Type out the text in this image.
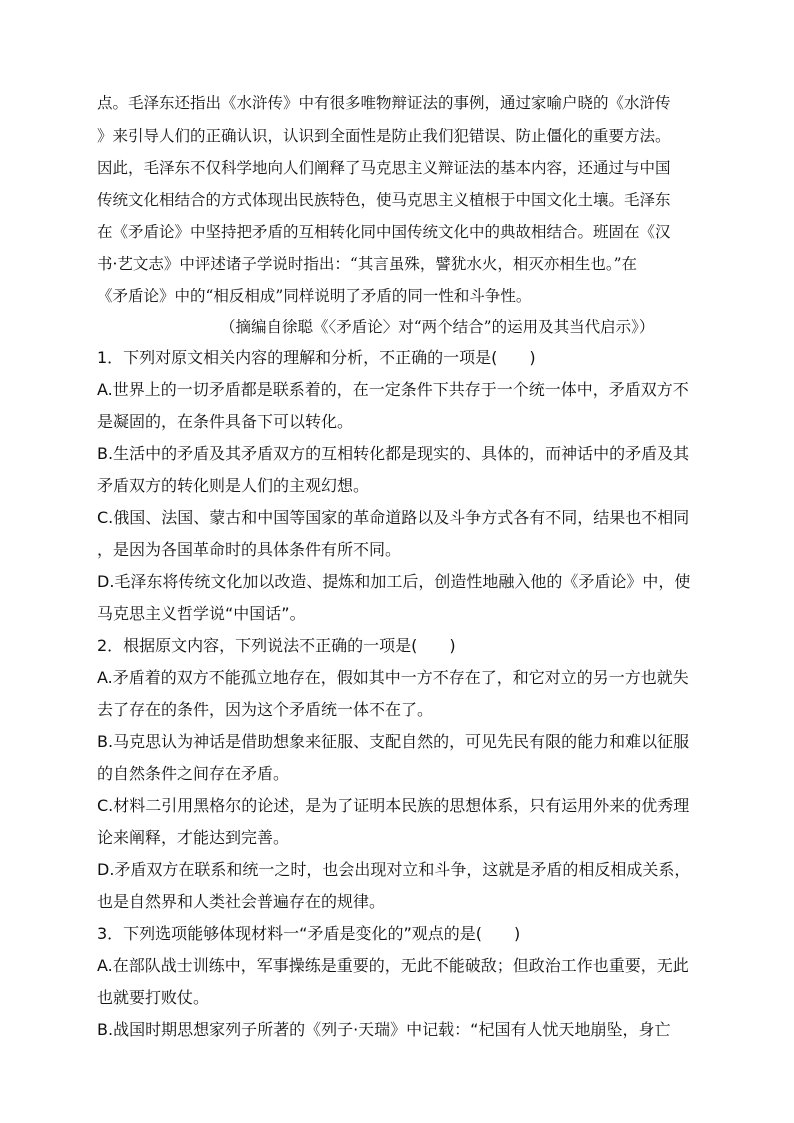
点。毛泽东还指出《水浒传》中有很多唯物辩证法的事例，通过家喻户晓的《水浒传
》来引导人们的正确认识，认识到全面性是防止我们犯错误、防止僵化的重要方法。
因此，毛泽东不仅科学地向人们阐释了马克思主义辩证法的基本内容，还通过与中国
传统文化相结合的方式体现出民族特色，使马克思主义植根于中国文化土壤。毛泽东
在《矛盾论》中坚持把矛盾的互相转化同中国传统文化中的典故相结合。班固在《汉
书·艺文志》中评述诸子学说时指出：“其言虽殊，譬犹水火，相灭亦相生也。”在
《矛盾论》中的“相反相成”同样说明了矛盾的同一性和斗争性。
（摘编自徐聪《〈矛盾论〉对“两个结合”的运用及其当代启示》）
1．下列对原文相关内容的理解和分析，不正确的一项是(　　)
A.世界上的一切矛盾都是联系着的，在一定条件下共存于一个统一体中，矛盾双方不
是凝固的，在条件具备下可以转化。
B.生活中的矛盾及其矛盾双方的互相转化都是现实的、具体的，而神话中的矛盾及其
矛盾双方的转化则是人们的主观幻想。
C.俄国、法国、蒙古和中国等国家的革命道路以及斗争方式各有不同，结果也不相同
，是因为各国革命时的具体条件有所不同。
D.毛泽东将传统文化加以改造、提炼和加工后，创造性地融入他的《矛盾论》中，使
马克思主义哲学说“中国话”。
2．根据原文内容，下列说法不正确的一项是(　　)
A.矛盾着的双方不能孤立地存在，假如其中一方不存在了，和它对立的另一方也就失
去了存在的条件，因为这个矛盾统一体不在了。
B.马克思认为神话是借助想象来征服、支配自然的，可见先民有限的能力和难以征服
的自然条件之间存在矛盾。
C.材料二引用黑格尔的论述，是为了证明本民族的思想体系，只有运用外来的优秀理
论来阐释，才能达到完善。
D.矛盾双方在联系和统一之时，也会出现对立和斗争，这就是矛盾的相反相成关系，
也是自然界和人类社会普遍存在的规律。
3．下列选项能够体现材料一“矛盾是变化的”观点的是(　　)
A.在部队战士训练中，军事操练是重要的，无此不能破敌；但政治工作也重要，无此
也就要打败仗。
B.战国时期思想家列子所著的《列子·天瑞》中记载：“杞国有人忧天地崩坠，身亡
